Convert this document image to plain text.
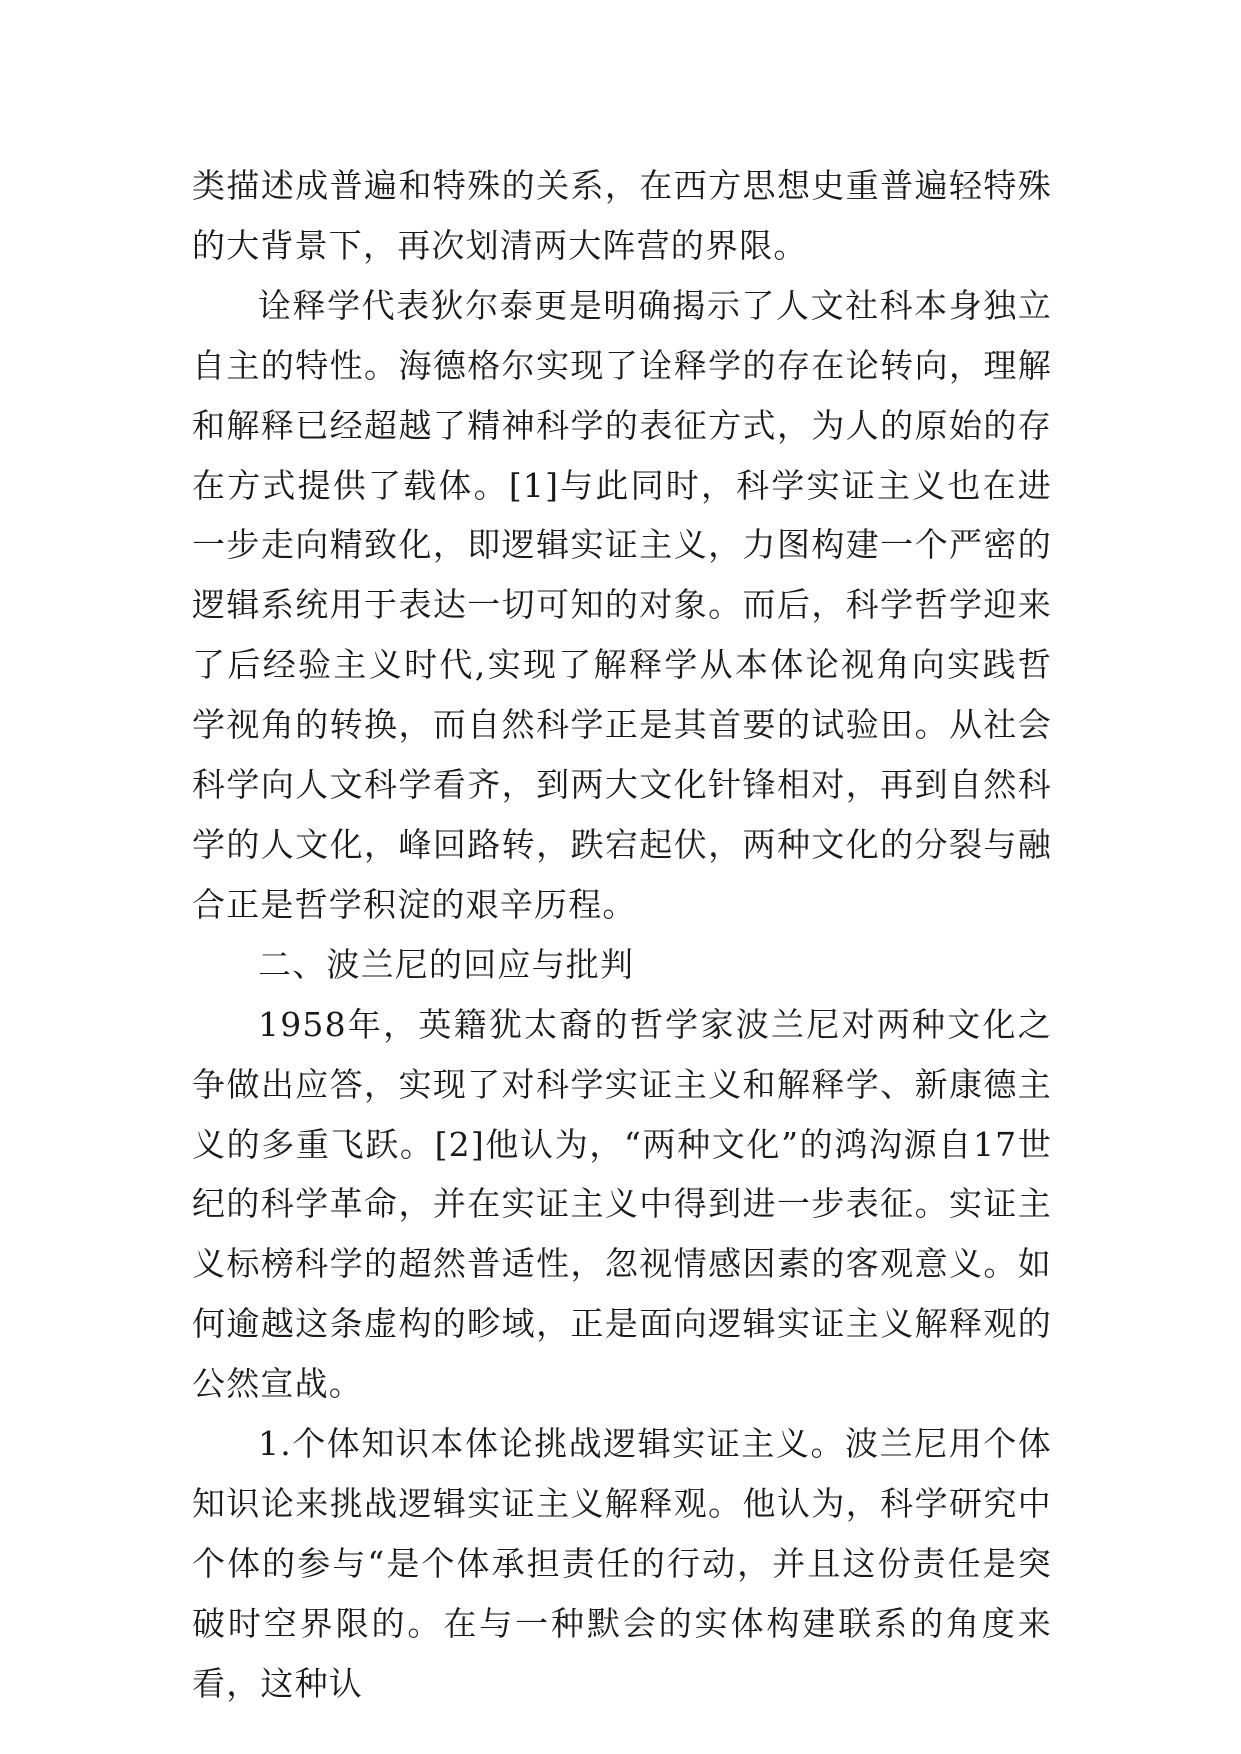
类描述成普遍和特殊的关系，在西方思想史重普遍轻特殊的大背景下，再次划清两大阵营的界限。

诠释学代表狄尔泰更是明确揭示了人文社科本身独立自主的特性。海德格尔实现了诠释学的存在论转向，理解和解释已经超越了精神科学的表征方式，为人的原始的存在方式提供了载体。[1]与此同时，科学实证主义也在进一步走向精致化，即逻辑实证主义，力图构建一个严密的逻辑系统用于表达一切可知的对象。而后，科学哲学迎来了后经验主义时代,实现了解释学从本体论视角向实践哲学视角的转换，而自然科学正是其首要的试验田。从社会科学向人文科学看齐，到两大文化针锋相对，再到自然科学的人文化，峰回路转，跌宕起伏，两种文化的分裂与融合正是哲学积淀的艰辛历程。

二、波兰尼的回应与批判

1958年，英籍犹太裔的哲学家波兰尼对两种文化之争做出应答，实现了对科学实证主义和解释学、新康德主义的多重飞跃。[2]他认为，“两种文化”的鸿沟源自17世纪的科学革命，并在实证主义中得到进一步表征。实证主义标榜科学的超然普适性，忽视情感因素的客观意义。如何逾越这条虚构的畛域，正是面向逻辑实证主义解释观的公然宣战。

1.个体知识本体论挑战逻辑实证主义。波兰尼用个体知识论来挑战逻辑实证主义解释观。他认为，科学研究中个体的参与“是个体承担责任的行动，并且这份责任是突破时空界限的。在与一种默会的实体构建联系的角度来看，这种认
